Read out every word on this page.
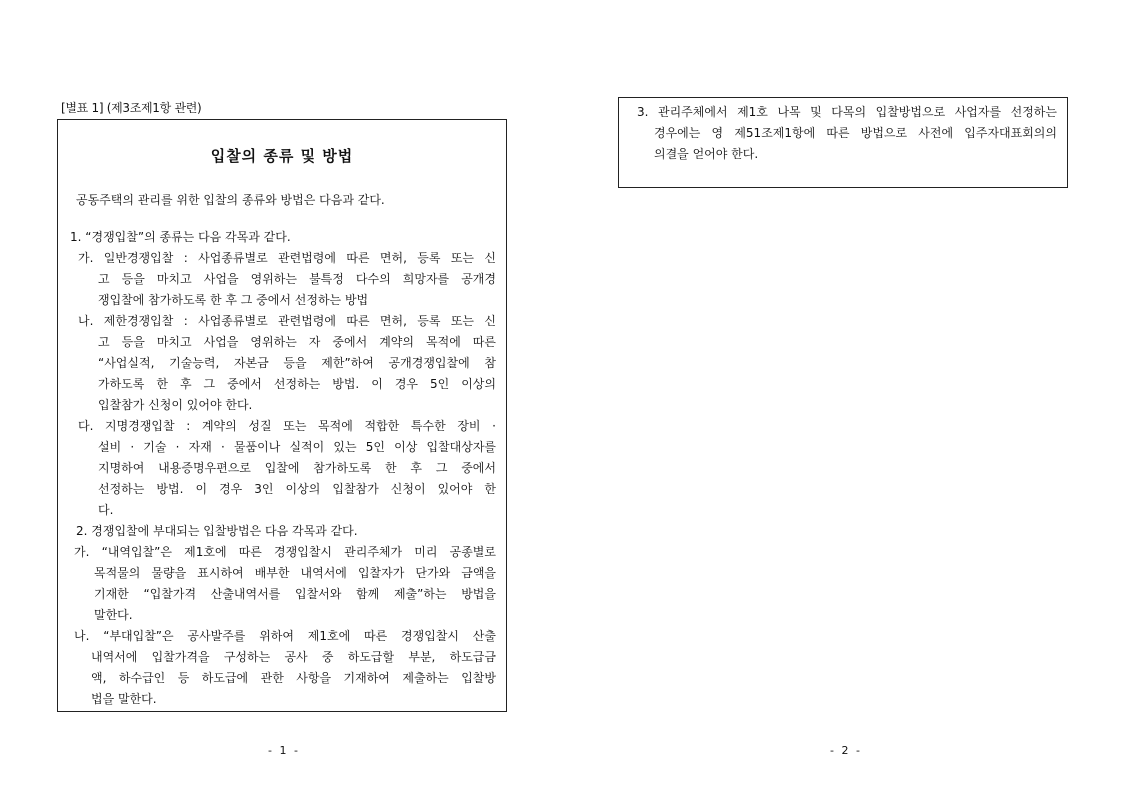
[별표 1] (제3조제1항 관련)
입찰의 종류 및 방법
공동주택의 관리를 위한 입찰의 종류와 방법은 다음과 같다.
1. “경쟁입찰”의 종류는 다음 각목과 같다.
가. 일반경쟁입찰 : 사업종류별로 관련법령에 따른 면허, 등록 또는 신
고 등을 마치고 사업을 영위하는 불특정 다수의 희망자를 공개경
쟁입찰에 참가하도록 한 후 그 중에서 선정하는 방법
나. 제한경쟁입찰 : 사업종류별로 관련법령에 따른 면허, 등록 또는 신
고 등을 마치고 사업을 영위하는 자 중에서 계약의 목적에 따른
“사업실적, 기술능력, 자본금 등을 제한”하여 공개경쟁입찰에 참
가하도록 한 후 그 중에서 선정하는 방법. 이 경우 5인 이상의
입찰참가 신청이 있어야 한다.
다. 지명경쟁입찰 : 계약의 성질 또는 목적에 적합한 특수한 장비 ·
설비 · 기술 · 자재 · 물품이나 실적이 있는 5인 이상 입찰대상자를
지명하여 내용증명우편으로 입찰에 참가하도록 한 후 그 중에서
선정하는 방법. 이 경우 3인 이상의 입찰참가 신청이 있어야 한
다.
2. 경쟁입찰에 부대되는 입찰방법은 다음 각목과 같다.
가. “내역입찰”은 제1호에 따른 경쟁입찰시 관리주체가 미리 공종별로
목적물의 물량을 표시하여 배부한 내역서에 입찰자가 단가와 금액을
기재한 “입찰가격 산출내역서를 입찰서와 함께 제출”하는 방법을
말한다.
나. “부대입찰”은 공사발주를 위하여 제1호에 따른 경쟁입찰시 산출
내역서에 입찰가격을 구성하는 공사 중 하도급할 부분, 하도급금
액, 하수급인 등 하도급에 관한 사항을 기재하여 제출하는 입찰방
법을 말한다.
- 1 -
3. 관리주체에서 제1호 나목 및 다목의 입찰방법으로 사업자를 선정하는
경우에는 영 제51조제1항에 따른 방법으로 사전에 입주자대표회의의
의결을 얻어야 한다.
- 2 -
